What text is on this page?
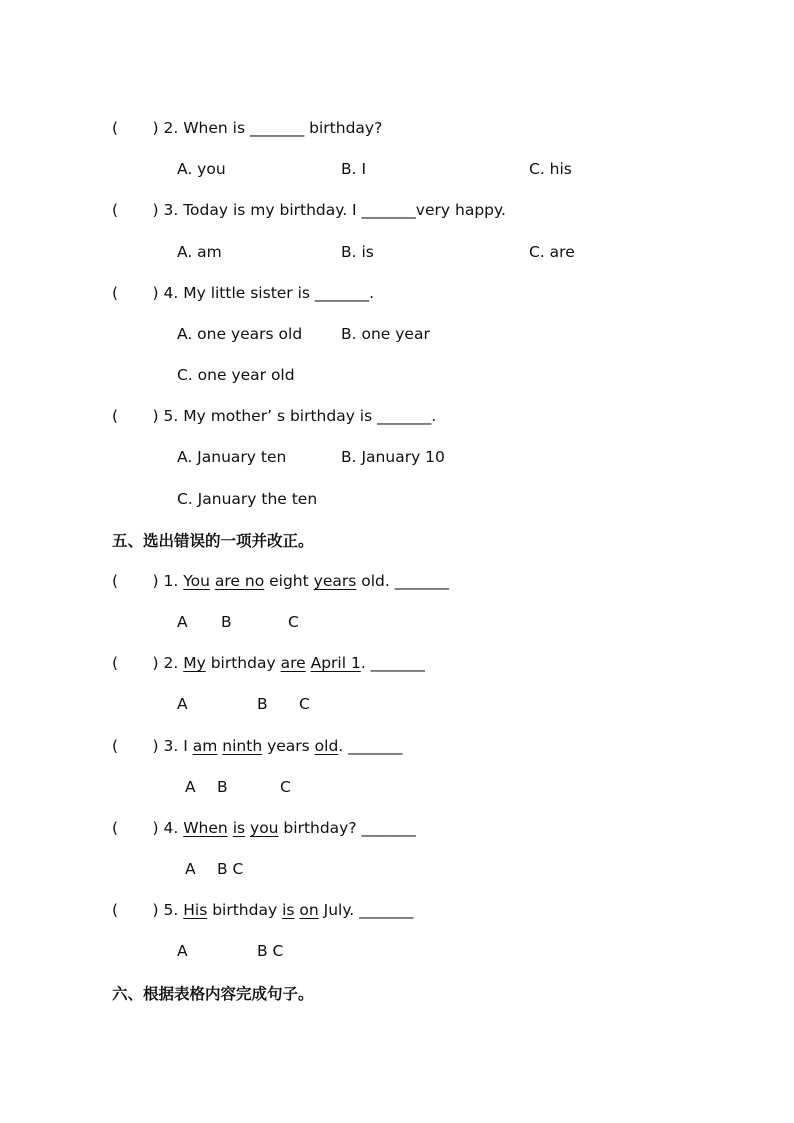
(       ) 2. When is _______ birthday?
A. you	B. I	C. his
(       ) 3. Today is my birthday. I _______very happy.
A. am	B. is	C. are
(       ) 4. My little sister is _______.
A. one years old	B. one year
C. one year old
(       ) 5. My mother’ s birthday is _______.
A. January ten	B. January 10
C. January the ten
五、选出错误的一项并改正。
(       ) 1. You are no eight years old. _______
A B	C
(       ) 2. My birthday are April 1. _______
A	B C
(       ) 3. I am ninth years old. _______
A B	C
(       ) 4. When is you birthday? _______
A B C
(       ) 5. His birthday is on July. _______
A	B C
六、根据表格内容完成句子。
